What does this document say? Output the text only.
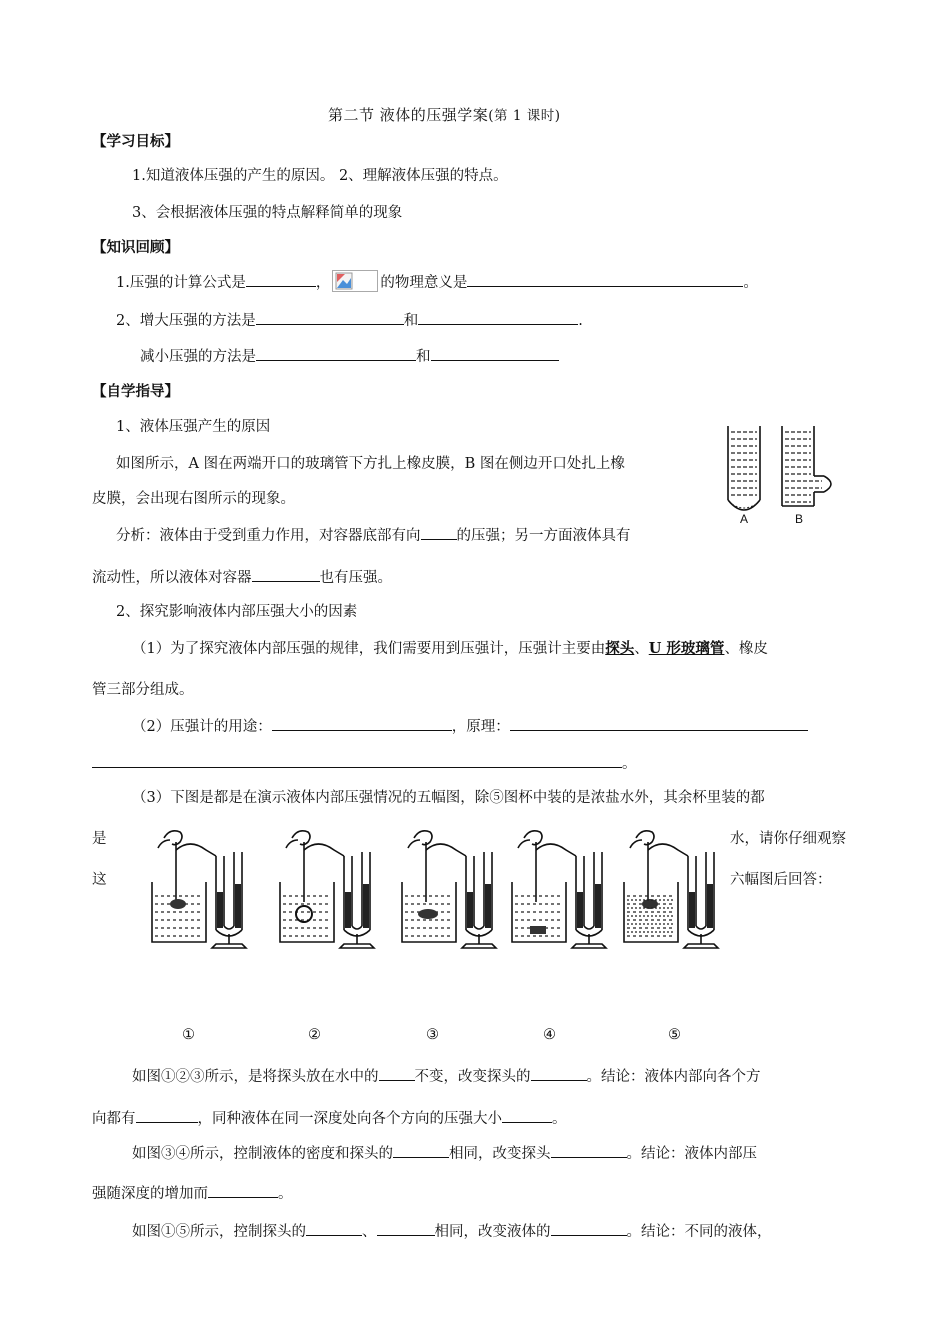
第二节 液体的压强学案(第 1 课时)
【学习目标】
1.知道液体压强的产生的原因。 2、理解液体压强的特点。
3、会根据液体压强的特点解释简单的现象
【知识回顾】
1.压强的计算公式是	，	的物理意义是	。
2、增大压强的方法是	和	.
减小压强的方法是	和
【自学指导】
1、液体压强产生的原因
如图所示，A 图在两端开口的玻璃管下方扎上橡皮膜，B 图在侧边开口处扎上橡
皮膜，会出现右图所示的现象。
分析：液体由于受到重力作用，对容器底部有向 的压强；另一方面液体具有
流动性，所以液体对容器	也有压强。
A	B
2、探究影响液体内部压强大小的因素
（1）为了探究液体内部压强的规律，我们需要用到压强计，压强计主要由探头、U 形玻璃管、橡皮
管三部分组成。
（2）压强计的用途：	，原理：
。
（3）下图是都是在演示液体内部压强情况的五幅图，除⑤图杯中装的是浓盐水外，其余杯里装的都
是	水，请你仔细观察
这	六幅图后回答：
①	②	③	④	⑤
如图①②③所示，是将探头放在水中的 不变，改变探头的	。结论：液体内部向各个方
向都有	，同种液体在同一深度处向各个方向的压强大小	。
如图③④所示，控制液体的密度和探头的	相同，改变探头	。结论：液体内部压
强随深度的增加而	。
如图①⑤所示，控制探头的	、	相同，改变液体的	。结论：不同的液体，
